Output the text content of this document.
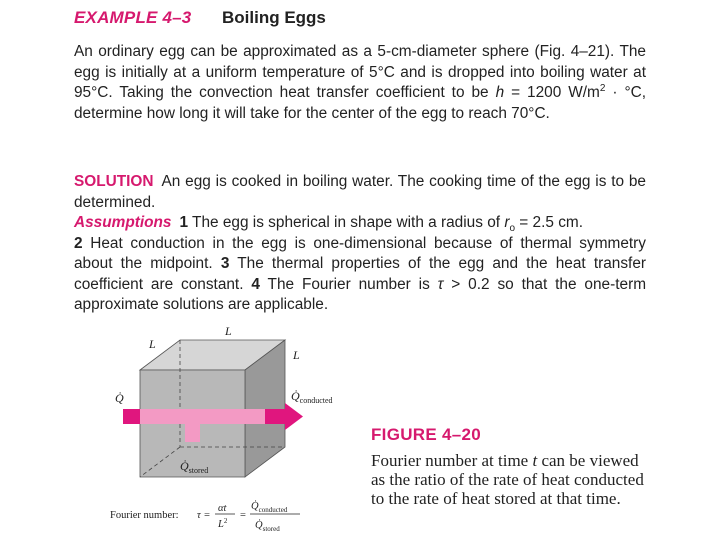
EXAMPLE 4–3 Boiling Eggs

An ordinary egg can be approximated as a 5-cm-diameter sphere (Fig. 4–21). The egg is initially at a uniform temperature of 5°C and is dropped into boiling water at 95°C. Taking the convection heat transfer coefficient to be h = 1200 $W/m^2 \cdot ^\circ C$, determine how long it will take for the center of the egg to reach 70°C.

SOLUTION An egg is cooked in boiling water. The cooking time of the egg is to be determined.
Assumptions 1 The egg is spherical in shape with a radius of $r_o = 2.5$ cm.
2 Heat conduction in the egg is one-dimensional because of thermal symmetry about the midpoint. 3 The thermal properties of the egg and the heat transfer coefficient are constant. 4 The Fourier number is τ > 0.2 so that the one-term approximate solutions are applicable.

L
L
L
Q̇	$Q̇_{conducted}$
$Q̇_{stored}$
Fourier number: τ =
αt
$L^2$ =
$Q̇_{conducted}$
$Q̇_{stored}$
FIGURE 4–20
Fourier number at time t can be viewed as the ratio of the rate of heat conducted to the rate of heat stored at that time.
